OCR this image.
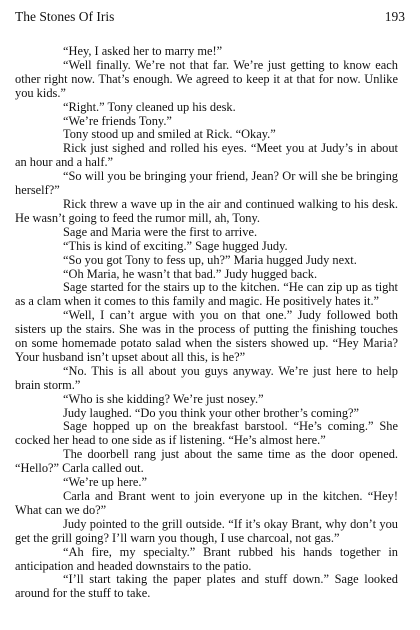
The Stones Of Iris	193

“Hey, I asked her to marry me!”

“Well finally. We’re not that far. We’re just getting to know each other right now. That’s enough. We agreed to keep it at that for now. Unlike you kids.”

“Right.” Tony cleaned up his desk.

“We’re friends Tony.”

Tony stood up and smiled at Rick. “Okay.”

Rick just sighed and rolled his eyes. “Meet you at Judy’s in about an hour and a half.”

“So will you be bringing your friend, Jean? Or will she be bringing herself?”

Rick threw a wave up in the air and continued walking to his desk. He wasn’t going to feed the rumor mill, ah, Tony.

Sage and Maria were the first to arrive.

“This is kind of exciting.” Sage hugged Judy.

“So you got Tony to fess up, uh?” Maria hugged Judy next.

“Oh Maria, he wasn’t that bad.” Judy hugged back.

Sage started for the stairs up to the kitchen. “He can zip up as tight as a clam when it comes to this family and magic. He positively hates it.”

“Well, I can’t argue with you on that one.” Judy followed both sisters up the stairs. She was in the process of putting the finishing touches on some homemade potato salad when the sisters showed up. “Hey Maria? Your husband isn’t upset about all this, is he?”

“No. This is all about you guys anyway. We’re just here to help brain storm.”

“Who is she kidding? We’re just nosey.”

Judy laughed. “Do you think your other brother’s coming?”

Sage hopped up on the breakfast barstool. “He’s coming.” She cocked her head to one side as if listening. “He’s almost here.”

The doorbell rang just about the same time as the door opened. “Hello?” Carla called out.

“We’re up here.”

Carla and Brant went to join everyone up in the kitchen. “Hey! What can we do?”

Judy pointed to the grill outside. “If it’s okay Brant, why don’t you get the grill going? I’ll warn you though, I use charcoal, not gas.”

“Ah fire, my specialty.” Brant rubbed his hands together in anticipation and headed downstairs to the patio.

“I’ll start taking the paper plates and stuff down.” Sage looked around for the stuff to take.
